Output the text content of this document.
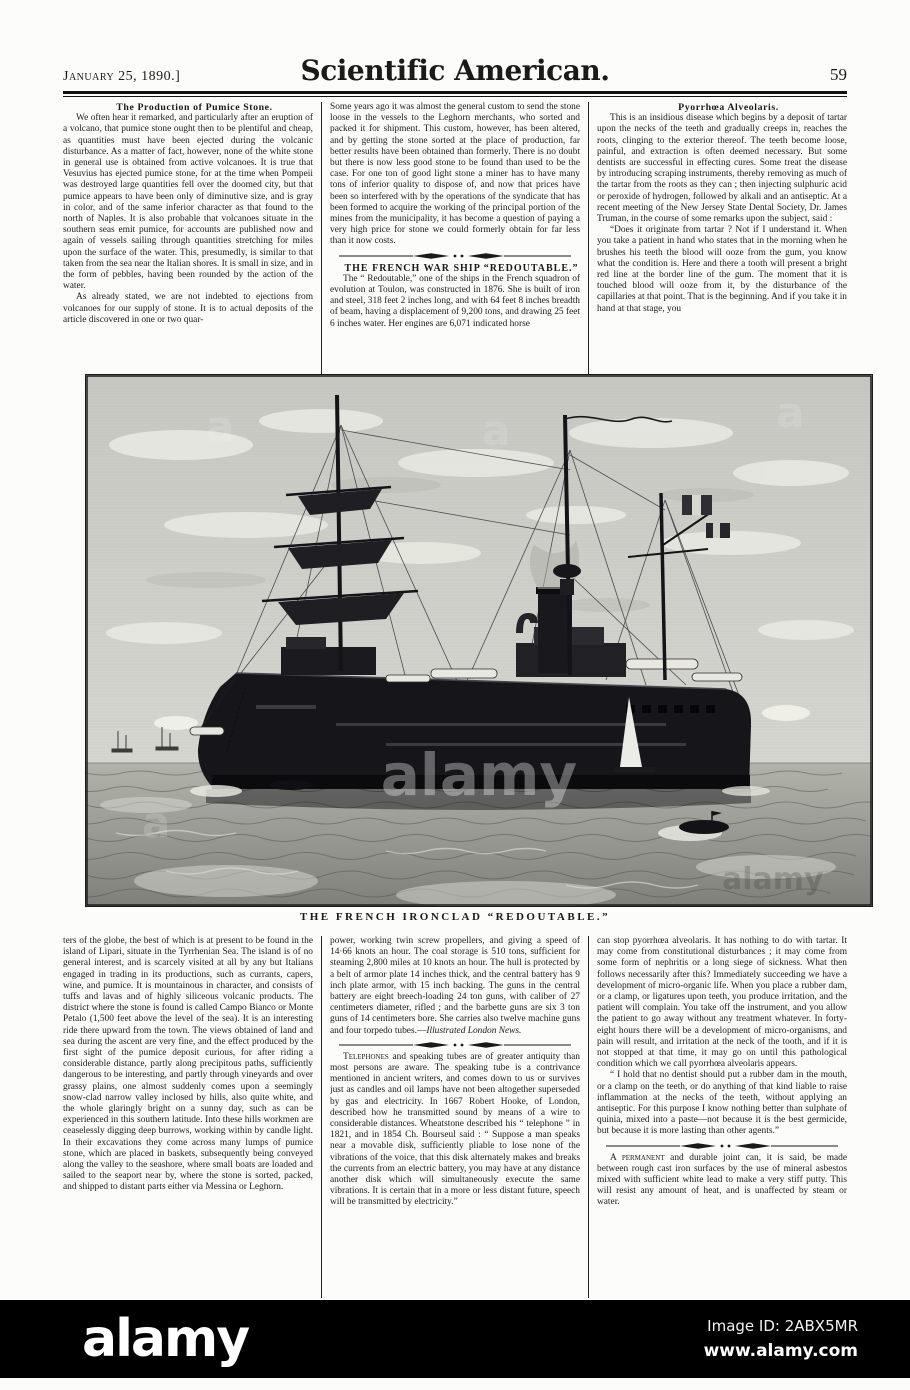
January 25, 1890.]	Scientific American.	59

The Production of Pumice Stone.

We often hear it remarked, and particularly after an eruption of a volcano, that pumice stone ought then to be plentiful and cheap, as quantities must have been ejected during the volcanic disturbance. As a matter of fact, however, none of the white stone in general use is obtained from active volcanoes. It is true that Vesuvius has ejected pumice stone, for at the time when Pompeii was destroyed large quantities fell over the doomed city, but that pumice appears to have been only of diminutive size, and is gray in color, and of the same inferior character as that found to the north of Naples. It is also probable that volcanoes situate in the southern seas emit pumice, for accounts are published now and again of vessels sailing through quantities stretching for miles upon the surface of the water. This, presumedly, is similar to that taken from the sea near the Italian shores. It is small in size, and in the form of pebbles, having been rounded by the action of the water.

As already stated, we are not indebted to ejections from volcanoes for our supply of stone. It is to actual deposits of the article discovered in one or two quar-

Some years ago it was almost the general custom to send the stone loose in the vessels to the Leghorn merchants, who sorted and packed it for shipment. This custom, however, has been altered, and by getting the stone sorted at the place of production, far better results have been obtained than formerly. There is no doubt but there is now less good stone to be found than used to be the case. For one ton of good light stone a miner has to have many tons of inferior quality to dispose of, and now that prices have been so interfered with by the operations of the syndicate that has been formed to acquire the working of the principal portion of the mines from the municipality, it has become a question of paying a very high price for stone we could formerly obtain for far less than it now costs.

THE FRENCH WAR SHIP “REDOUTABLE.”

The “ Redoutable,” one of the ships in the French squadron of evolution at Toulon, was constructed in 1876. She is built of iron and steel, 318 feet 2 inches long, and with 64 feet 8 inches breadth of beam, having a displacement of 9,200 tons, and drawing 25 feet 6 inches water. Her engines are 6,071 indicated horse

Pyorrhœa Alveolaris.

This is an insidious disease which begins by a deposit of tartar upon the necks of the teeth and gradually creeps in, reaches the roots, clinging to the exterior thereof. The teeth become loose, painful, and extraction is often deemed necessary. But some dentists are successful in effecting cures. Some treat the disease by introducing scraping instruments, thereby removing as much of the tartar from the roots as they can ; then injecting sulphuric acid or peroxide of hydrogen, followed by alkali and an antiseptic. At a recent meeting of the New Jersey State Dental Society, Dr. James Truman, in the course of some remarks upon the subject, said :

“Does it originate from tartar ? Not if I understand it. When you take a patient in hand who states that in the morning when he brushes his teeth the blood will ooze from the gum, you know what the condition is. Here and there a tooth will present a bright red line at the border line of the gum. The moment that it is touched blood will ooze from it, by the disturbance of the capillaries at that point. That is the beginning. And if you take it in hand at that stage, you

alamy
a	a
a
a
alamy
THE FRENCH IRONCLAD “REDOUTABLE.”

ters of the globe, the best of which is at present to be found in the island of Lipari, situate in the Tyrrhenian Sea. The island is of no general interest, and is scarcely visited at all by any but Italians engaged in trading in its productions, such as currants, capers, wine, and pumice. It is mountainous in character, and consists of tuffs and lavas and of highly siliceous volcanic products. The district where the stone is found is called Campo Bianco or Monte Petalo (1,500 feet above the level of the sea). It is an interesting ride there upward from the town. The views obtained of land and sea during the ascent are very fine, and the effect produced by the first sight of the pumice deposit curious, for after riding a considerable distance, partly along precipitous paths, sufficiently dangerous to be interesting, and partly through vineyards and over grassy plains, one almost suddenly comes upon a seemingly snow-clad narrow valley inclosed by hills, also quite white, and the whole glaringly bright on a sunny day, such as can be experienced in this southern latitude. Into these hills workmen are ceaselessly digging deep burrows, working within by candle light. In their excavations they come across many lumps of pumice stone, which are placed in baskets, subsequently being conveyed along the valley to the seashore, where small boats are loaded and sailed to the seaport near by, where the stone is sorted, packed, and shipped to distant parts either via Messina or Leghorn.

power, working twin screw propellers, and giving a speed of 14·66 knots an hour. The coal storage is 510 tons, sufficient for steaming 2,800 miles at 10 knots an hour. The hull is protected by a belt of armor plate 14 inches thick, and the central battery has 9 inch plate armor, with 15 inch backing. The guns in the central battery are eight breech-loading 24 ton guns, with caliber of 27 centimeters diameter, rifled ; and the barbette guns are six 3 ton guns of 14 centimeters bore. She carries also twelve machine guns and four torpedo tubes.—Illustrated London News.

Telephones and speaking tubes are of greater antiquity than most persons are aware. The speaking tube is a contrivance mentioned in ancient writers, and comes down to us or survives just as candles and oil lamps have not been altogether superseded by gas and electricity. In 1667 Robert Hooke, of London, described how he transmitted sound by means of a wire to considerable distances. Wheatstone described his “ telephone ” in 1821, and in 1854 Ch. Bourseul said : “ Suppose a man speaks near a movable disk, sufficiently pliable to lose none of the vibrations of the voice, that this disk alternately makes and breaks the currents from an electric battery, you may have at any distance another disk which will simultaneously execute the same vibrations. It is certain that in a more or less distant future, speech will be transmitted by electricity.”

can stop pyorrhœa alveolaris. It has nothing to do with tartar. It may come from constitutional disturbances ; it may come from some form of nephritis or a long siege of sickness. What then follows necessarily after this? Immediately succeeding we have a development of micro-organic life. When you place a rubber dam, or a clamp, or ligatures upon teeth, you produce irritation, and the patient will complain. You take off the instrument, and you allow the patient to go away without any treatment whatever. In forty-eight hours there will be a development of micro-organisms, and pain will result, and irritation at the neck of the tooth, and if it is not stopped at that time, it may go on until this pathological condition which we call pyorrhœa alveolaris appears.

“ I hold that no dentist should put a rubber dam in the mouth, or a clamp on the teeth, or do anything of that kind liable to raise inflammation at the necks of the teeth, without applying an antiseptic. For this purpose I know nothing better than sulphate of quinia, mixed into a paste—not because it is the best germicide, but because it is more lasting than other agents.”

A permanent and durable joint can, it is said, be made between rough cast iron surfaces by the use of mineral asbestos mixed with sufficient white lead to make a very stiff putty. This will resist any amount of heat, and is unaffected by steam or water.

alamy	Image ID: 2ABX5MR
www.alamy.com
